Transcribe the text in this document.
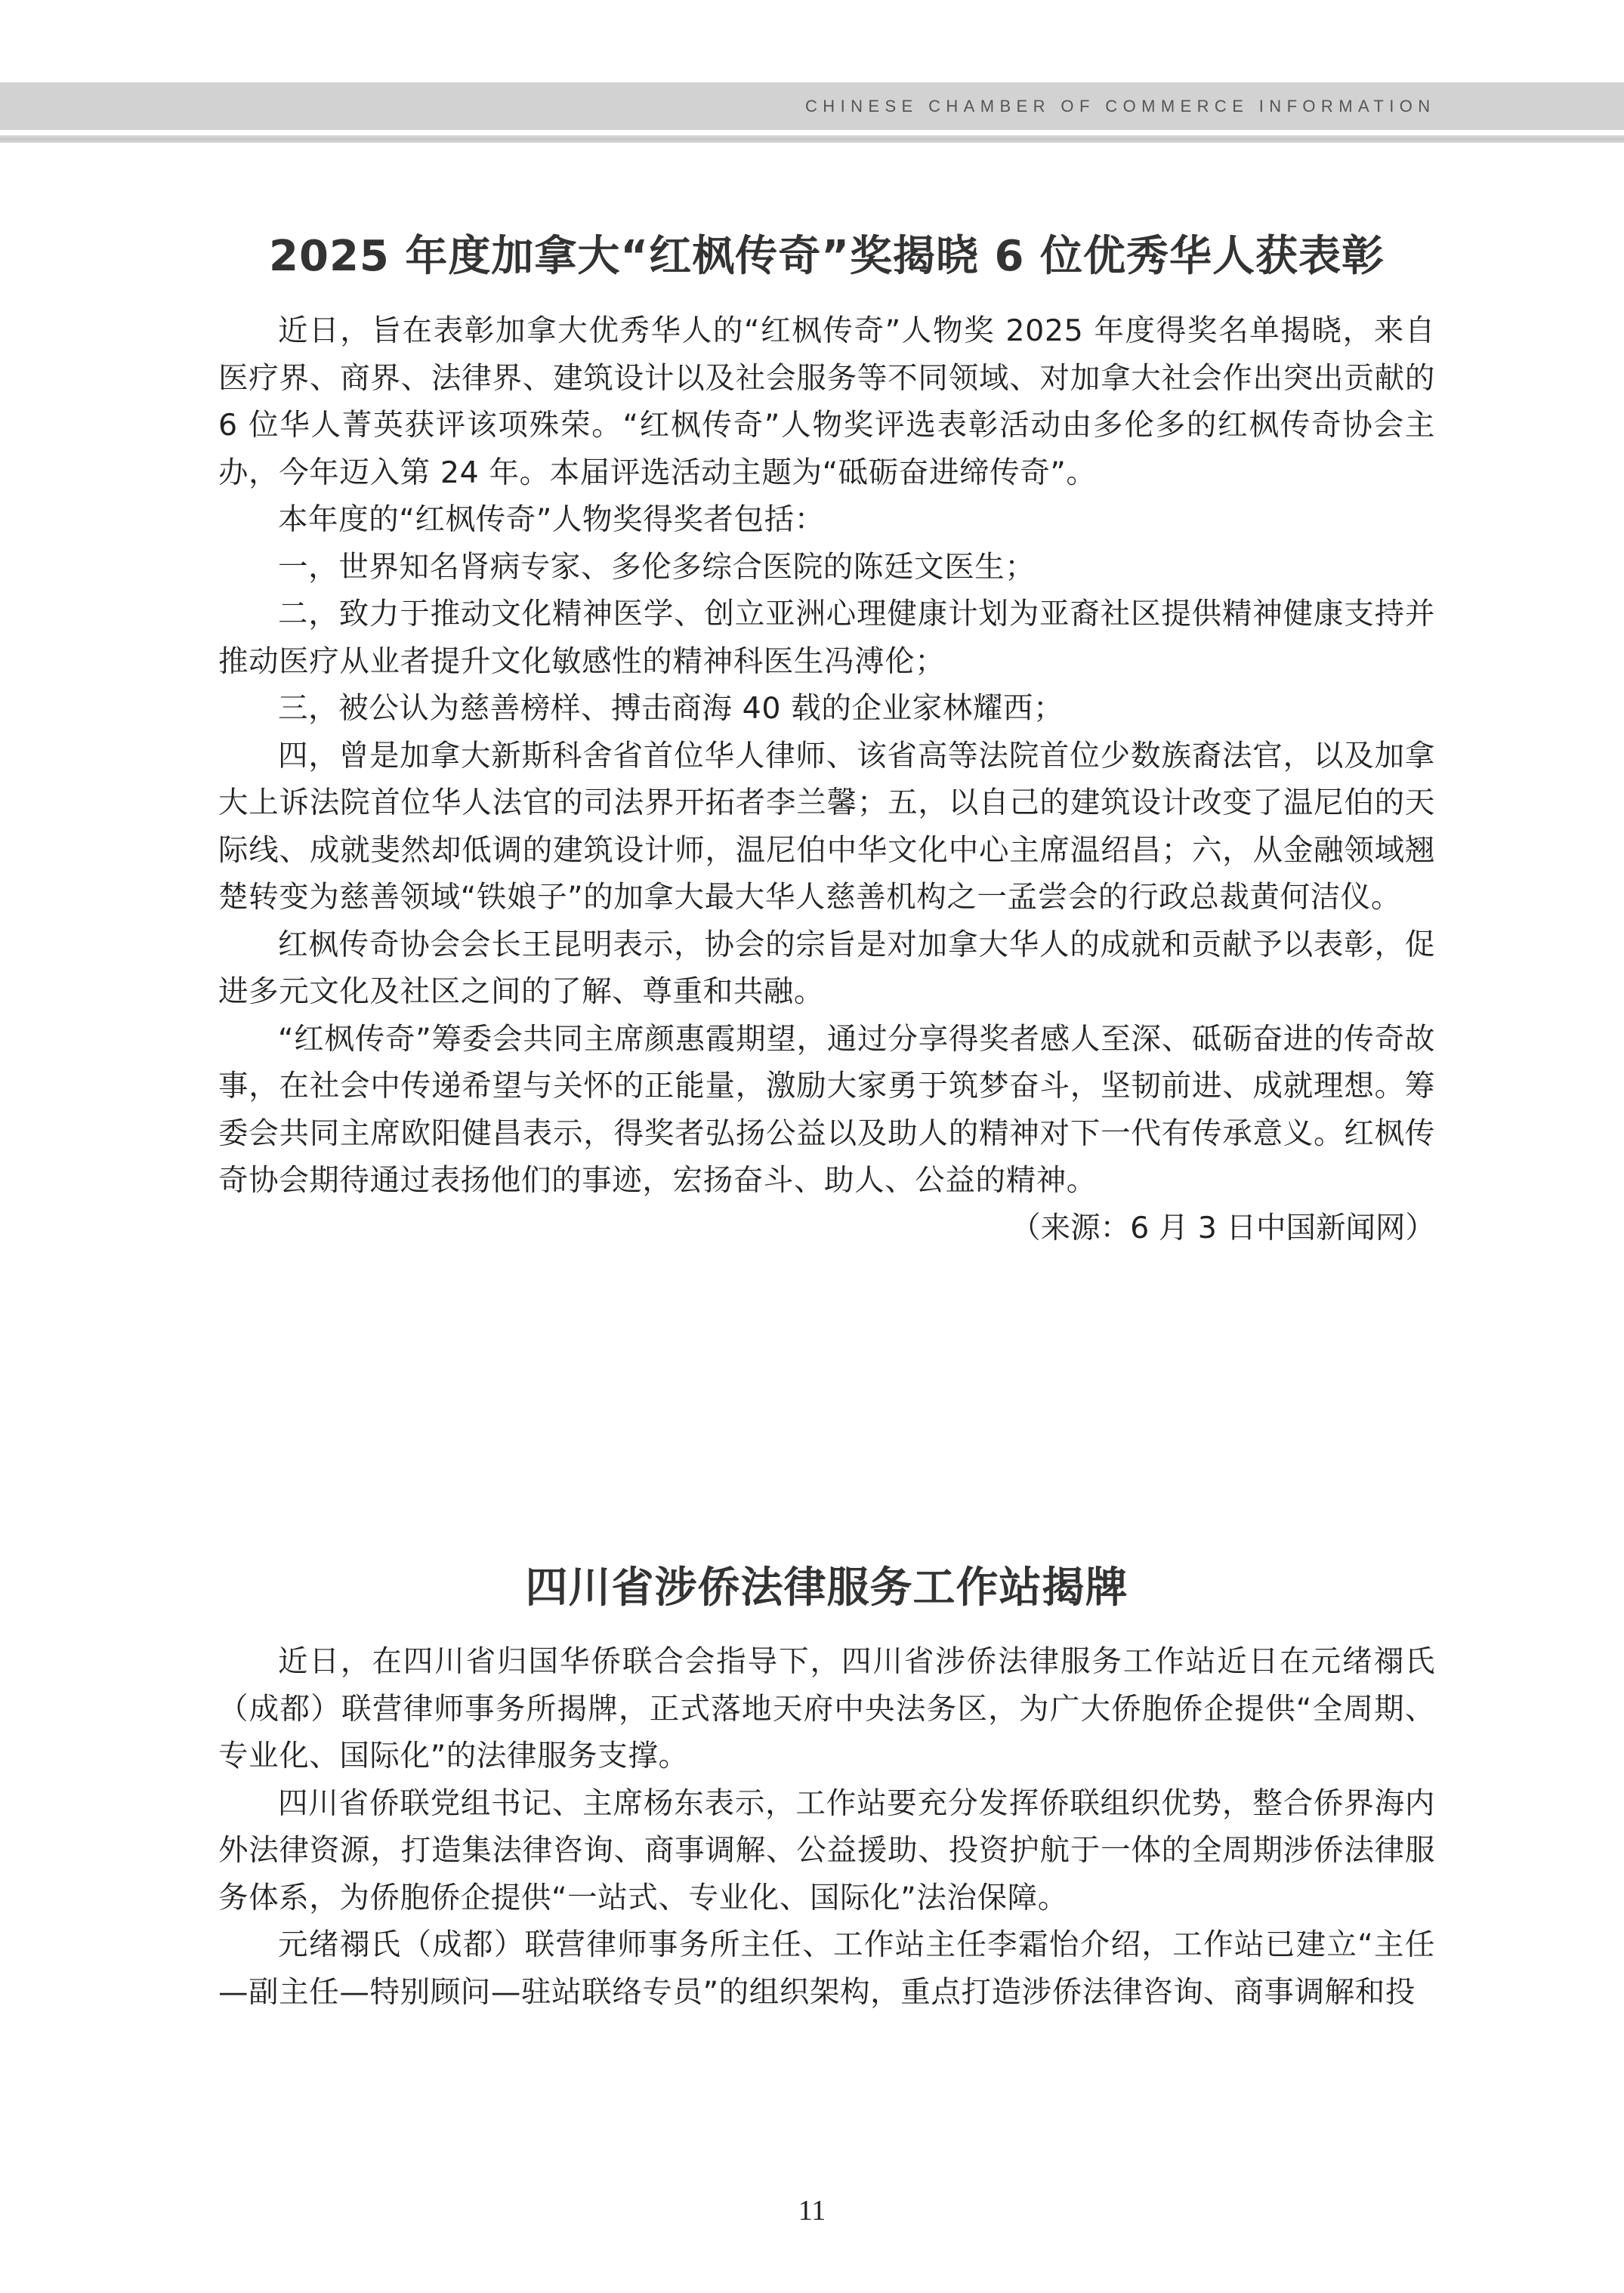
CHINESE CHAMBER OF COMMERCE INFORMATION
2025 年度加拿大“红枫传奇”奖揭晓 6 位优秀华人获表彰

近日，旨在表彰加拿大优秀华人的“红枫传奇”人物奖 2025 年度得奖名单揭晓，来自医疗界、商界、法律界、建筑设计以及社会服务等不同领域、对加拿大社会作出突出贡献的 6 位华人菁英获评该项殊荣。“红枫传奇”人物奖评选表彰活动由多伦多的红枫传奇协会主办，今年迈入第 24 年。本届评选活动主题为“砥砺奋进缔传奇”。

本年度的“红枫传奇”人物奖得奖者包括：

一，世界知名肾病专家、多伦多综合医院的陈廷文医生；

二，致力于推动文化精神医学、创立亚洲心理健康计划为亚裔社区提供精神健康支持并推动医疗从业者提升文化敏感性的精神科医生冯溥伦；

三，被公认为慈善榜样、搏击商海 40 载的企业家林耀西；

四，曾是加拿大新斯科舍省首位华人律师、该省高等法院首位少数族裔法官，以及加拿大上诉法院首位华人法官的司法界开拓者李兰馨；五，以自己的建筑设计改变了温尼伯的天际线、成就斐然却低调的建筑设计师，温尼伯中华文化中心主席温绍昌；六，从金融领域翘楚转变为慈善领域“铁娘子”的加拿大最大华人慈善机构之一孟尝会的行政总裁黄何洁仪。

红枫传奇协会会长王昆明表示，协会的宗旨是对加拿大华人的成就和贡献予以表彰，促进多元文化及社区之间的了解、尊重和共融。

“红枫传奇”筹委会共同主席颜惠霞期望，通过分享得奖者感人至深、砥砺奋进的传奇故事，在社会中传递希望与关怀的正能量，激励大家勇于筑梦奋斗，坚韧前进、成就理想。筹委会共同主席欧阳健昌表示，得奖者弘扬公益以及助人的精神对下一代有传承意义。红枫传奇协会期待通过表扬他们的事迹，宏扬奋斗、助人、公益的精神。

（来源：6 月 3 日中国新闻网）

四川省涉侨法律服务工作站揭牌

近日，在四川省归国华侨联合会指导下，四川省涉侨法律服务工作站近日在元绪禤氏（成都）联营律师事务所揭牌，正式落地天府中央法务区，为广大侨胞侨企提供“全周期、专业化、国际化”的法律服务支撑。

四川省侨联党组书记、主席杨东表示，工作站要充分发挥侨联组织优势，整合侨界海内外法律资源，打造集法律咨询、商事调解、公益援助、投资护航于一体的全周期涉侨法律服务体系，为侨胞侨企提供“一站式、专业化、国际化”法治保障。

元绪禤氏（成都）联营律师事务所主任、工作站主任李霜怡介绍，工作站已建立“主任—副主任—特别顾问—驻站联络专员”的组织架构，重点打造涉侨法律咨询、商事调解和投

11
